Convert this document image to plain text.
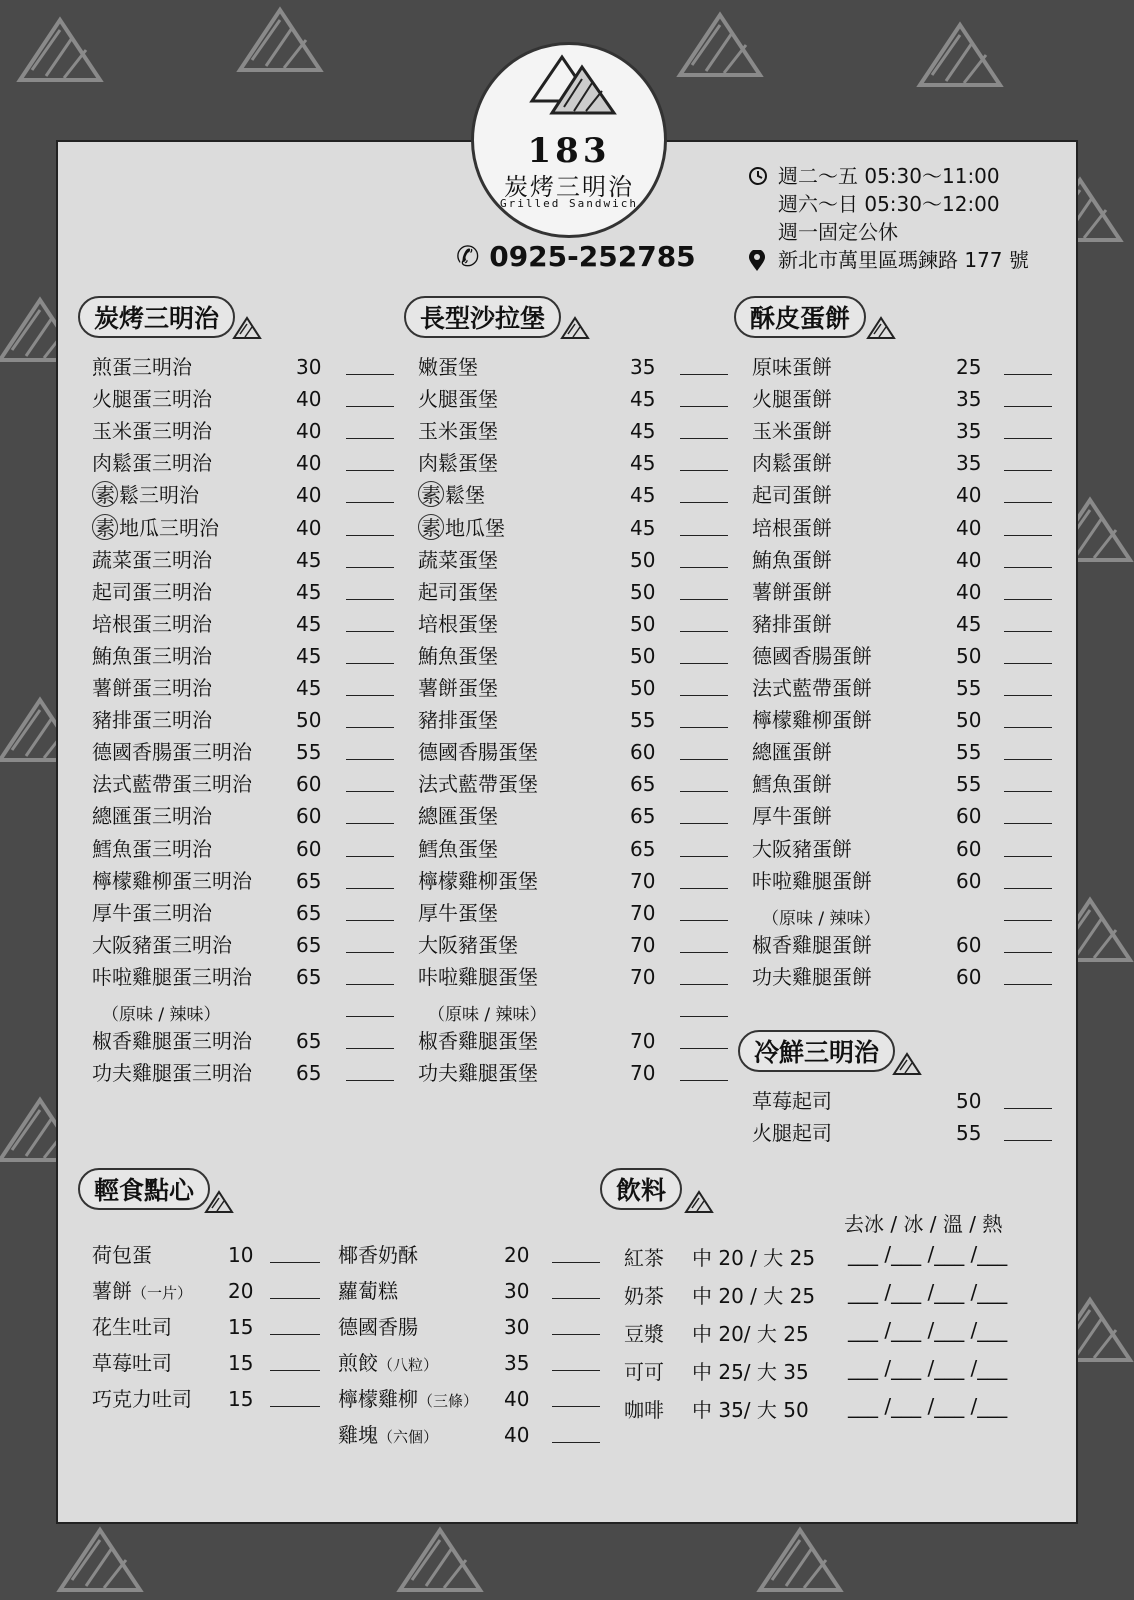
183
炭烤三明治
Grilled Sandwich
✆ 0925-252785
週二～五 05:30～11:00
週六～日 05:30～12:00
週一固定公休
新北市萬里區瑪鍊路 177 號
炭烤三明治	長型沙拉堡	酥皮蛋餅
冷鮮三明治
輕食點心	飲料
煎蛋三明治	30
火腿蛋三明治	40
玉米蛋三明治	40
肉鬆蛋三明治	40
素 鬆三明治	40
素 地瓜三明治	40
蔬菜蛋三明治	45
起司蛋三明治	45
培根蛋三明治	45
鮪魚蛋三明治	45
薯餅蛋三明治	45
豬排蛋三明治	50
德國香腸蛋三明治 55
法式藍帶蛋三明治 60
總匯蛋三明治	60
鱈魚蛋三明治	60
檸檬雞柳蛋三明治 65
厚牛蛋三明治	65
大阪豬蛋三明治	65
咔啦雞腿蛋三明治 65
（原味 / 辣味）
椒香雞腿蛋三明治 65
功夫雞腿蛋三明治 65
嫩蛋堡	35
火腿蛋堡	45
玉米蛋堡	45
肉鬆蛋堡	45
素 鬆堡	45
素 地瓜堡	45
蔬菜蛋堡	50
起司蛋堡	50
培根蛋堡	50
鮪魚蛋堡	50
薯餅蛋堡	50
豬排蛋堡	55
德國香腸蛋堡	60
法式藍帶蛋堡	65
總匯蛋堡	65
鱈魚蛋堡	65
檸檬雞柳蛋堡	70
厚牛蛋堡	70
大阪豬蛋堡	70
咔啦雞腿蛋堡	70
（原味 / 辣味）
椒香雞腿蛋堡	70
功夫雞腿蛋堡	70
原味蛋餅	25
火腿蛋餅	35
玉米蛋餅	35
肉鬆蛋餅	35
起司蛋餅	40
培根蛋餅	40
鮪魚蛋餅	40
薯餅蛋餅	40
豬排蛋餅	45
德國香腸蛋餅	50
法式藍帶蛋餅	55
檸檬雞柳蛋餅	50
總匯蛋餅	55
鱈魚蛋餅	55
厚牛蛋餅	60
大阪豬蛋餅	60
咔啦雞腿蛋餅	60
（原味 / 辣味）
椒香雞腿蛋餅	60
功夫雞腿蛋餅	60
草莓起司	50
火腿起司	55
荷包蛋	10
薯餅（一片） 20
花生吐司	15
草莓吐司	15
巧克力吐司 15
椰香奶酥	20
蘿蔔糕	30
德國香腸	30
煎餃（八粒）	35
檸檬雞柳（三條） 40
雞塊（六個）	40
紅茶 中 20 / 大 25 ___ /___ /___ /___
奶茶 中 20 / 大 25 ___ /___ /___ /___
豆漿 中 20/ 大 25 ___ /___ /___ /___
可可 中 25/ 大 35 ___ /___ /___ /___
咖啡 中 35/ 大 50 ___ /___ /___ /___
去冰 / 冰 / 溫 / 熱
